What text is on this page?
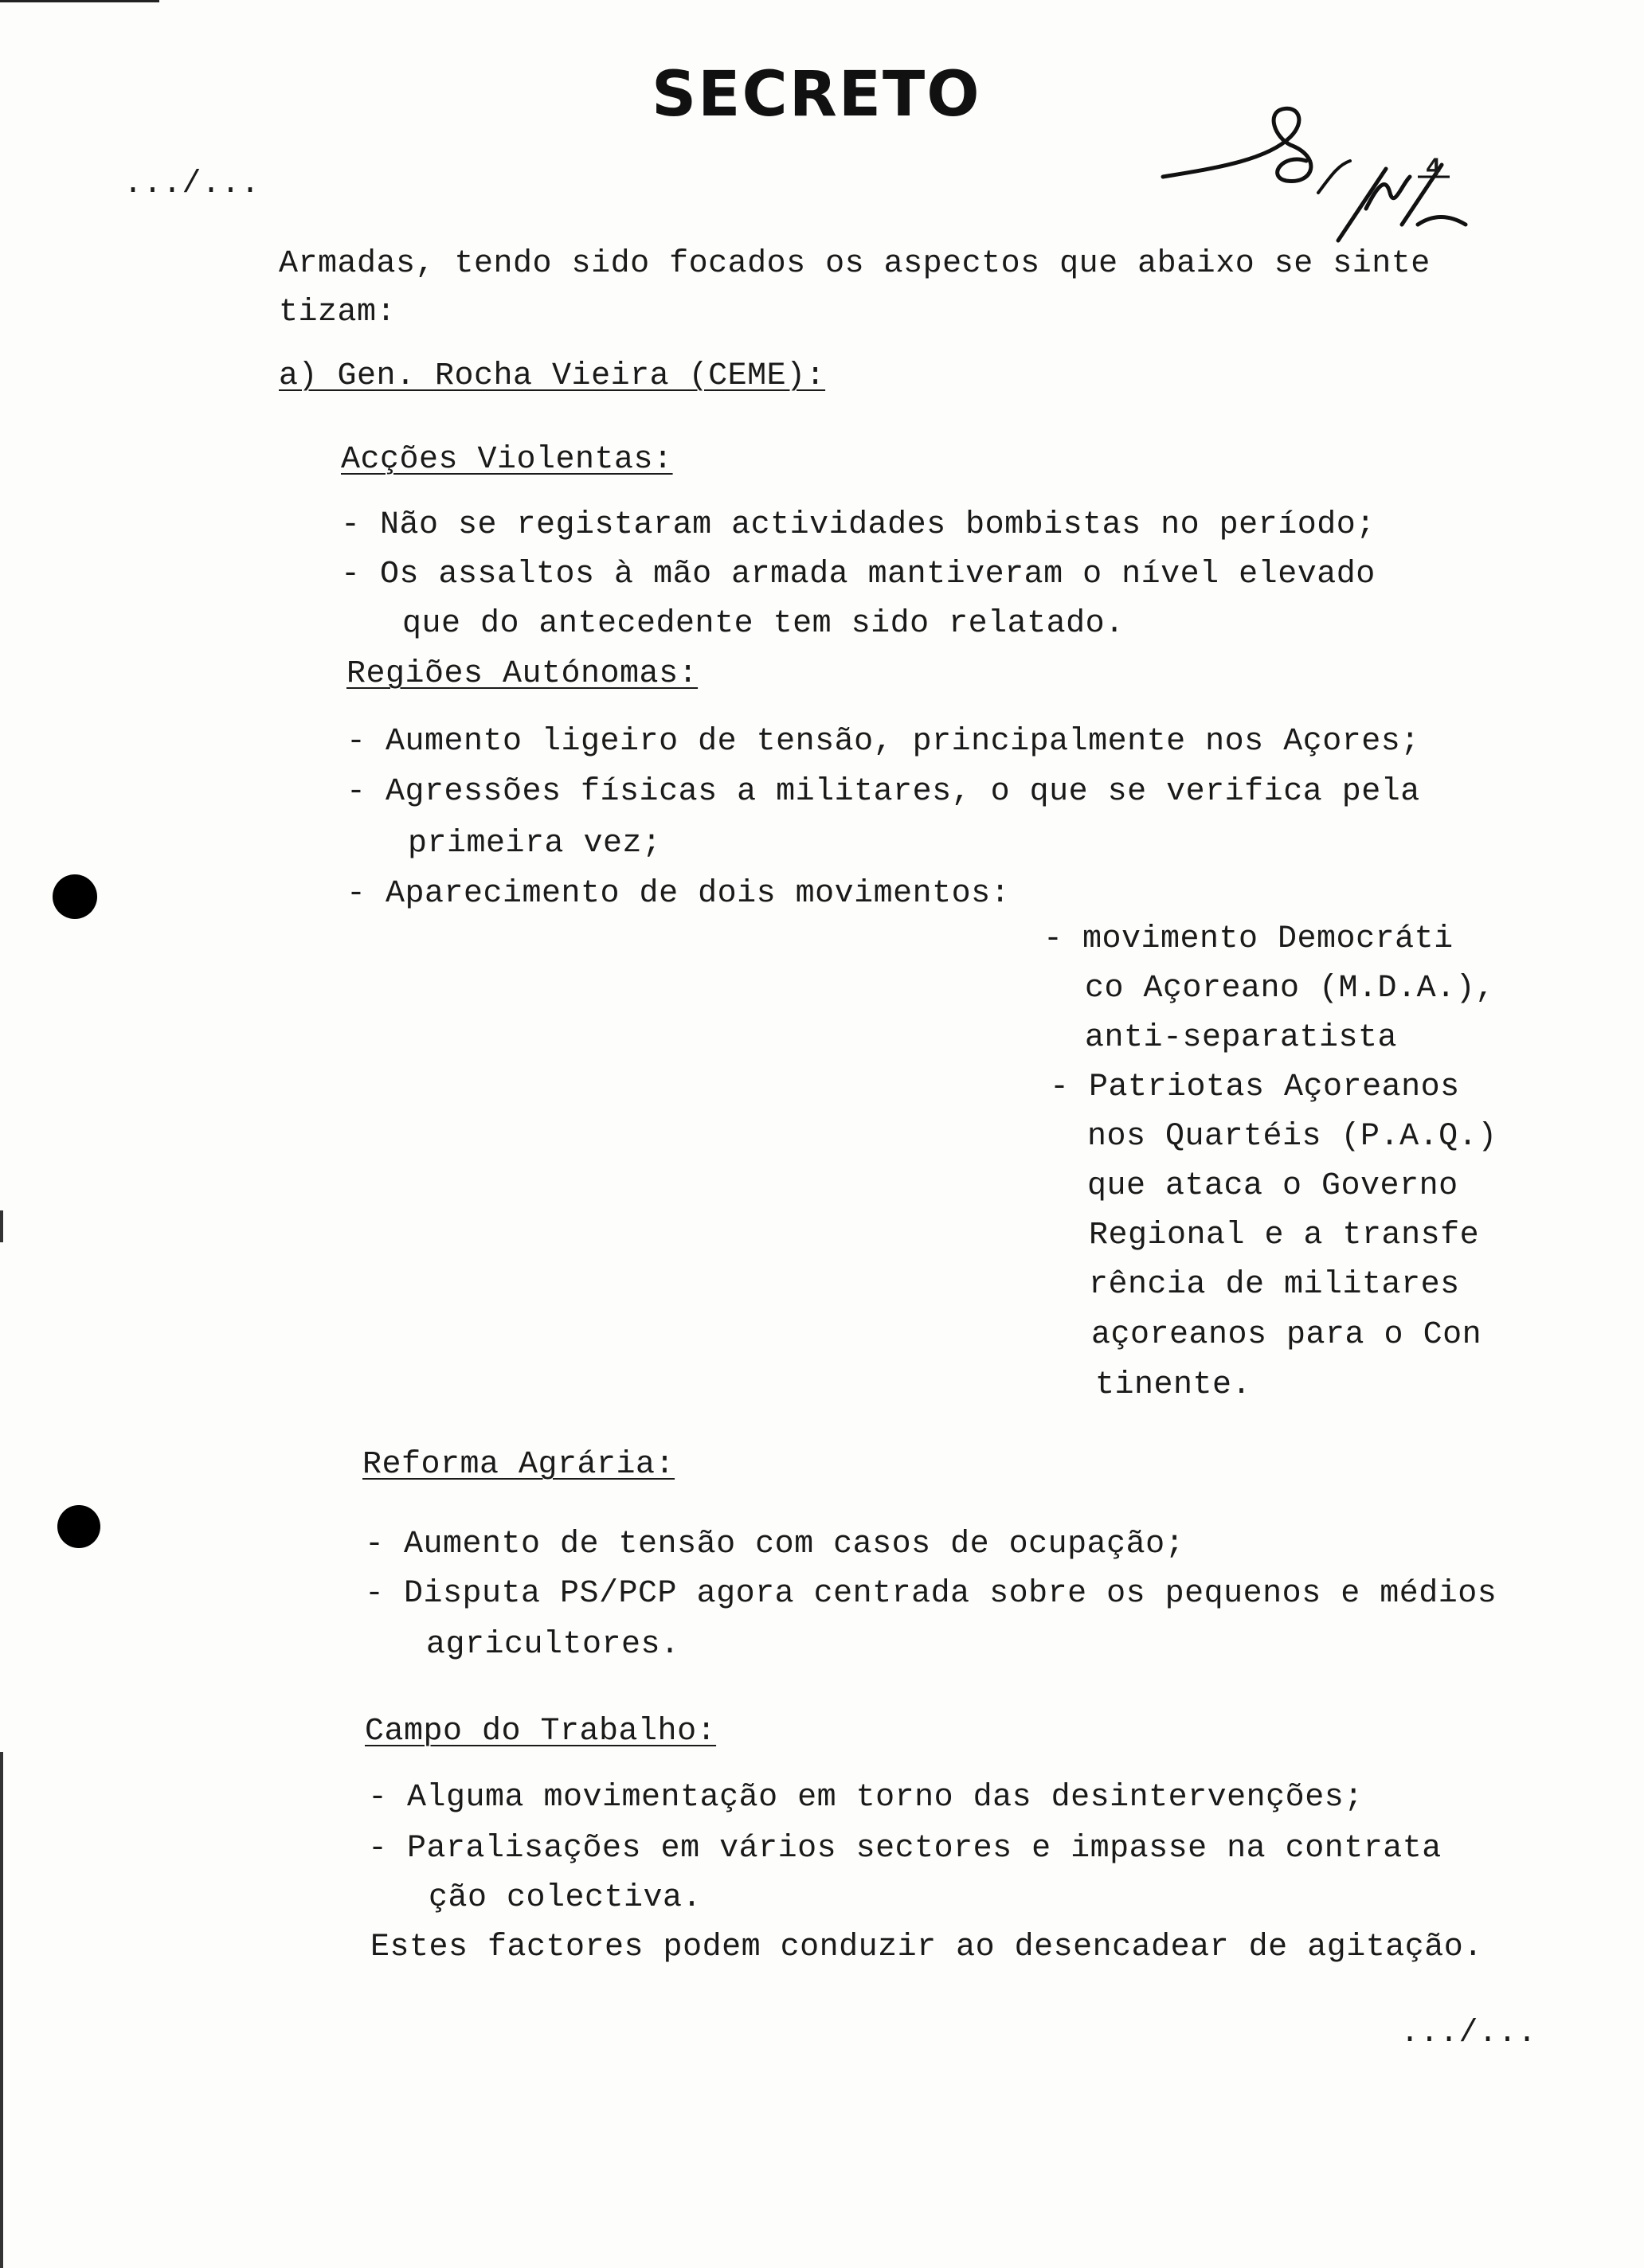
SECRETO
4
.../...
Armadas, tendo sido focados os aspectos que abaixo se sinte
tizam:
a) Gen. Rocha Vieira (CEME):
Acções Violentas:
- Não se registaram actividades bombistas no período;
- Os assaltos à mão armada mantiveram o nível elevado
que do antecedente tem sido relatado.
Regiões Autónomas:
- Aumento ligeiro de tensão, principalmente nos Açores;
- Agressões físicas a militares, o que se verifica pela
primeira vez;
- Aparecimento de dois movimentos:
- movimento Democráti
co Açoreano (M.D.A.),
anti-separatista
- Patriotas Açoreanos
nos Quartéis (P.A.Q.)
que ataca o Governo
Regional e a transfe
rência de militares
açoreanos para o Con
tinente.
Reforma Agrária:
- Aumento de tensão com casos de ocupação;
- Disputa PS/PCP agora centrada sobre os pequenos e médios
agricultores.
Campo do Trabalho:
- Alguma movimentação em torno das desintervenções;
- Paralisações em vários sectores e impasse na contrata
ção colectiva.
Estes factores podem conduzir ao desencadear de agitação.
.../...
